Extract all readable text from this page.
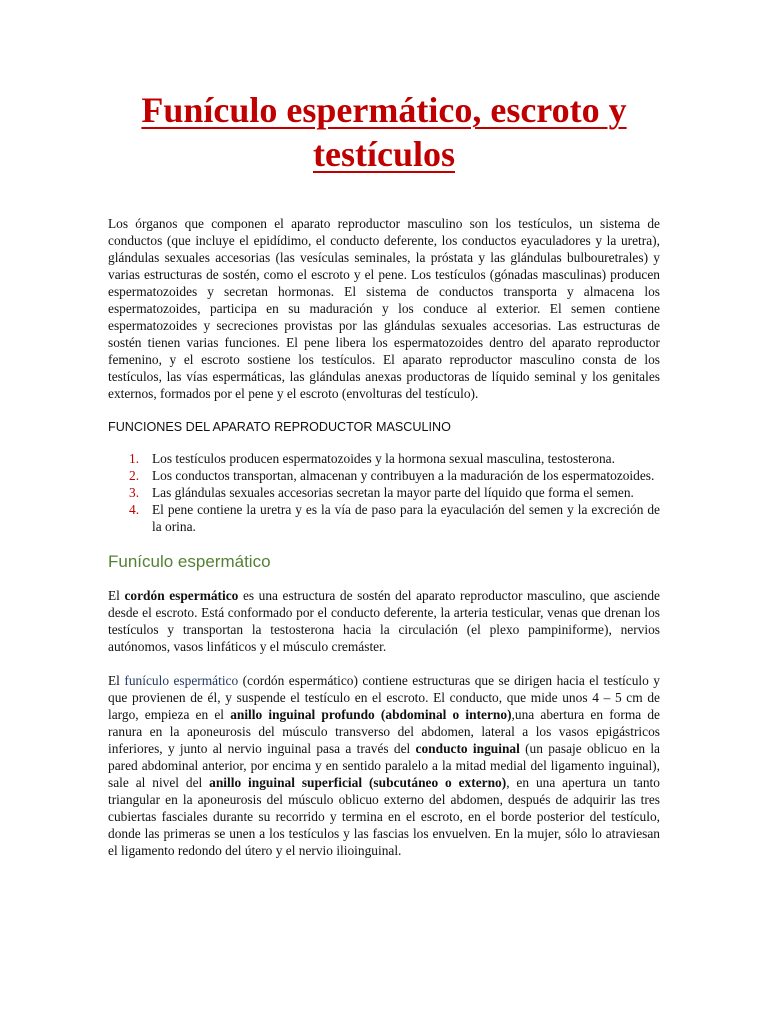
Funículo espermático, escroto y
testículos

Los órganos que componen el aparato reproductor masculino son los testículos, un sistema de conductos (que incluye el epidídimo, el conducto deferente, los conductos eyaculadores y la uretra), glándulas sexuales accesorias (las vesículas seminales, la próstata y las glándulas bulbouretrales) y varias estructuras de sostén, como el escroto y el pene. Los testículos (gónadas masculinas) producen espermatozoides y secretan hormonas. El sistema de conductos transporta y almacena los espermatozoides, participa en su maduración y los conduce al exterior. El semen contiene espermatozoides y secreciones provistas por las glándulas sexuales accesorias. Las estructuras de sostén tienen varias funciones. El pene libera los espermatozoides dentro del aparato reproductor femenino, y el escroto sostiene los testículos. El aparato reproductor masculino consta de los testículos, las vías espermáticas, las glándulas anexas productoras de líquido seminal y los genitales externos, formados por el pene y el escroto (envolturas del testículo).

FUNCIONES DEL APARATO REPRODUCTOR MASCULINO
1. Los testículos producen espermatozoides y la hormona sexual masculina, testosterona.
2. Los conductos transportan, almacenan y contribuyen a la maduración de los espermatozoides.
3. Las glándulas sexuales accesorias secretan la mayor parte del líquido que forma el semen.
4. El pene contiene la uretra y es la vía de paso para la eyaculación del semen y la excreción de la orina.
Funículo espermático

El cordón espermático es una estructura de sostén del aparato reproductor masculino, que asciende desde el escroto. Está conformado por el conducto deferente, la arteria testicular, venas que drenan los testículos y transportan la testosterona hacia la circulación (el plexo pampiniforme), nervios autónomos, vasos linfáticos y el músculo cremáster.

El funículo espermático (cordón espermático) contiene estructuras que se dirigen hacia el testículo y que provienen de él, y suspende el testículo en el escroto. El conducto, que mide unos 4 – 5 cm de largo, empieza en el anillo inguinal profundo (abdominal o interno),una abertura en forma de ranura en la aponeurosis del músculo transverso del abdomen, lateral a los vasos epigástricos inferiores, y junto al nervio inguinal pasa a través del conducto inguinal (un pasaje oblicuo en la pared abdominal anterior, por encima y en sentido paralelo a la mitad medial del ligamento inguinal), sale al nivel del anillo inguinal superficial (subcutáneo o externo), en una apertura un tanto triangular en la aponeurosis del músculo oblicuo externo del abdomen, después de adquirir las tres cubiertas fasciales durante su recorrido y termina en el escroto, en el borde posterior del testículo, donde las primeras se unen a los testículos y las fascias los envuelven. En la mujer, sólo lo atraviesan el ligamento redondo del útero y el nervio ilioinguinal.
